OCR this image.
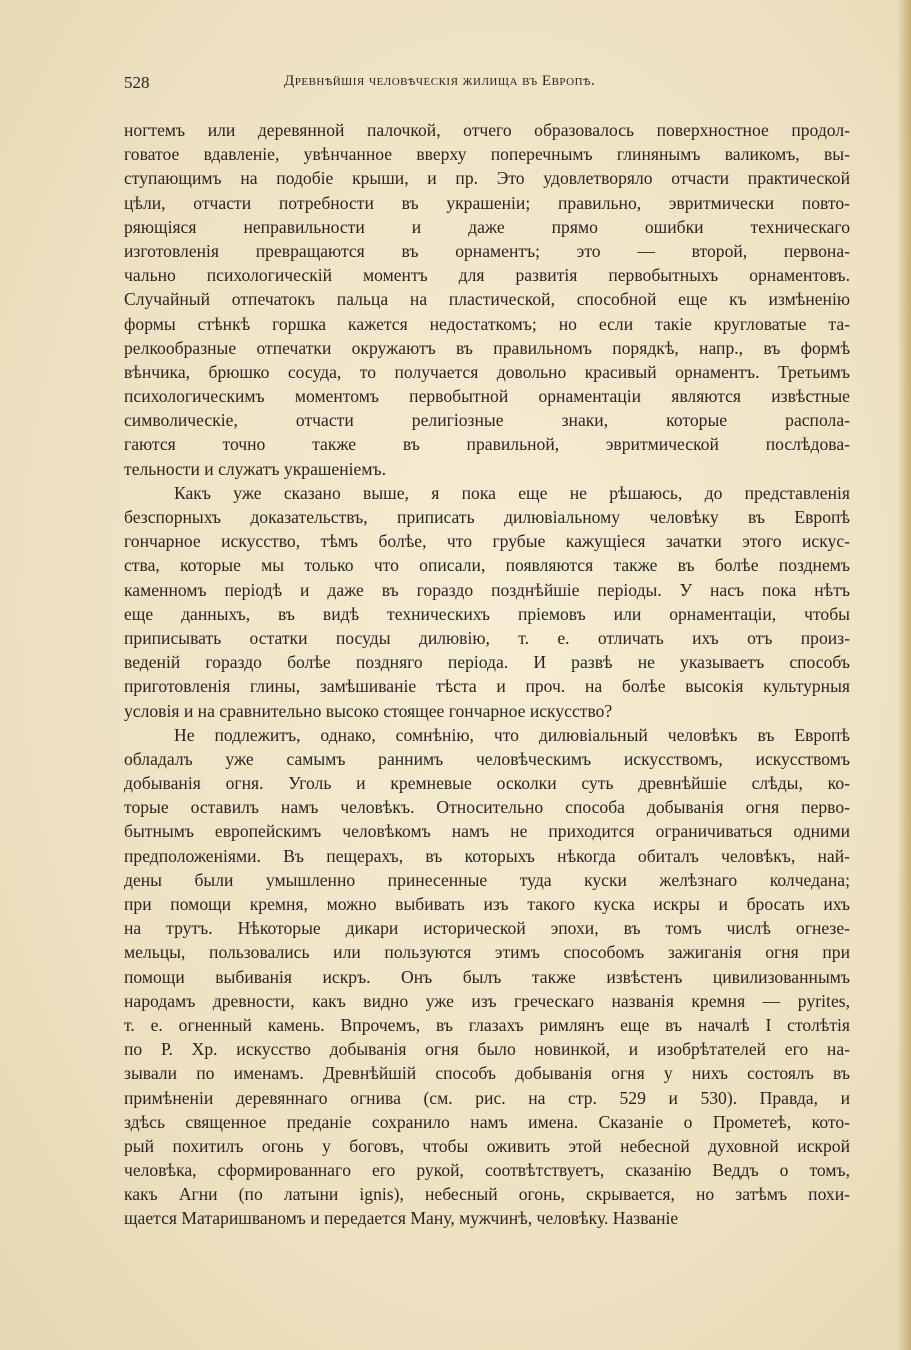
528	Древнѣйшія человѣческія жилища въ Европѣ.
ногтемъ или деревянной палочкой, отчего образовалось поверхностное продол-
говатое вдавленіе, увѣнчанное вверху поперечнымъ глинянымъ валикомъ, вы-
ступающимъ на подобіе крыши, и пр. Это удовлетворяло отчасти практической
цѣли, отчасти потребности въ украшеніи; правильно, эвритмически повто-
ряющіяся неправильности и даже прямо ошибки техническаго
изготовленія превращаются въ орнаментъ; это — второй, первона-
чально психологическій моментъ для развитія первобытныхъ орнаментовъ.
Случайный отпечатокъ пальца на пластической, способной еще къ измѣненію
формы стѣнкѣ горшка кажется недостаткомъ; но если такіе кругловатые та-
релкообразные отпечатки окружаютъ въ правильномъ порядкѣ, напр., въ формѣ
вѣнчика, брюшко сосуда, то получается довольно красивый орнаментъ. Третьимъ
психологическимъ моментомъ первобытной орнаментаціи являются извѣстные
символическіе, отчасти религіозные знаки, которые распола-
гаются точно также въ правильной, эвритмической послѣдова-
тельности и служатъ украшеніемъ.
Какъ уже сказано выше, я пока еще не рѣшаюсь, до представленія
безспорныхъ доказательствъ, приписать дилювіальному человѣку въ Европѣ
гончарное искусство, тѣмъ болѣе, что грубые кажущіеся зачатки этого искус-
ства, которые мы только что описали, появляются также въ болѣе позднемъ
каменномъ періодѣ и даже въ гораздо позднѣйшіе періоды. У насъ пока нѣтъ
еще данныхъ, въ видѣ техническихъ пріемовъ или орнаментаціи, чтобы
приписывать остатки посуды дилювію, т. е. отличать ихъ отъ произ-
веденій гораздо болѣе поздняго періода. И развѣ не указываетъ способъ
приготовленія глины, замѣшиваніе тѣста и проч. на болѣе высокія культурныя
условія и на сравнительно высоко стоящее гончарное искусство?
Не подлежитъ, однако, сомнѣнію, что дилювіальный человѣкъ въ Европѣ
обладалъ уже самымъ раннимъ человѣческимъ искусствомъ, искусствомъ
добыванія огня. Уголь и кремневые осколки суть древнѣйшіе слѣды, ко-
торые оставилъ намъ человѣкъ. Относительно способа добыванія огня перво-
бытнымъ европейскимъ человѣкомъ намъ не приходится ограничиваться одними
предположеніями. Въ пещерахъ, въ которыхъ нѣкогда обиталъ человѣкъ, най-
дены были умышленно принесенные туда куски желѣзнаго колчедана;
при помощи кремня, можно выбивать изъ такого куска искры и бросать ихъ
на трутъ. Нѣкоторые дикари исторической эпохи, въ томъ числѣ огнезе-
мельцы, пользовались или пользуются этимъ способомъ зажиганія огня при
помощи выбиванія искръ. Онъ былъ также извѣстенъ цивилизованнымъ
народамъ древности, какъ видно уже изъ греческаго названія кремня — pyrites,
т. е. огненный камень. Впрочемъ, въ глазахъ римлянъ еще въ началѣ I столѣтія
по Р. Хр. искусство добыванія огня было новинкой, и изобрѣтателей его на-
зывали по именамъ. Древнѣйшій способъ добыванія огня у нихъ состоялъ въ
примѣненіи деревяннаго огнива (см. рис. на стр. 529 и 530). Правда, и
здѣсь священное преданіе сохранило намъ имена. Сказаніе о Прометеѣ, кото-
рый похитилъ огонь у боговъ, чтобы оживить этой небесной духовной искрой
человѣка, сформированнагo его рукой, соотвѣтствуетъ, сказанію Веддъ о томъ,
какъ Агни (по латыни ignis), небесный огонь, скрывается, но затѣмъ похи-
щается Матаришваномъ и передается Ману, мужчинѣ, человѣку. Названіе
